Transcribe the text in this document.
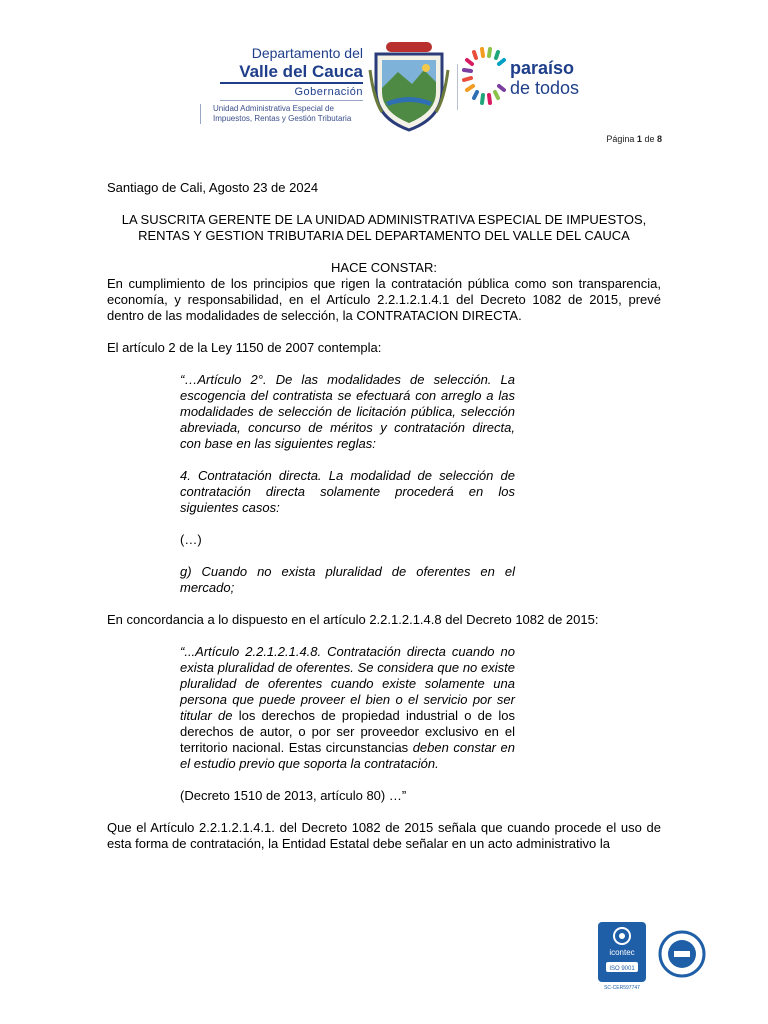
Departamento del
Valle del Cauca
Gobernación
Unidad Administrativa Especial de
Impuestos, Rentas y Gestión Tributaria
paraíso
de todos
Página 1 de 8

Santiago de Cali, Agosto 23 de 2024

LA SUSCRITA GERENTE DE LA UNIDAD ADMINISTRATIVA ESPECIAL DE IMPUESTOS, RENTAS Y GESTION TRIBUTARIA DEL DEPARTAMENTO DEL VALLE DEL CAUCA

HACE CONSTAR:

En cumplimiento de los principios que rigen la contratación pública como son transparencia, economía, y responsabilidad, en el Artículo 2.2.1.2.1.4.1 del Decreto 1082 de 2015, prevé dentro de las modalidades de selección, la CONTRATACION DIRECTA.

El artículo 2 de la Ley 1150 de 2007 contempla:

“…Artículo 2°. De las modalidades de selección. La escogencia del contratista se efectuará con arreglo a las modalidades de selección de licitación pública, selección abreviada, concurso de méritos y contratación directa, con base en las siguientes reglas:

4. Contratación directa. La modalidad de selección de contratación directa solamente procederá en los siguientes casos:

(…)

g) Cuando no exista pluralidad de oferentes en el mercado;

En concordancia a lo dispuesto en el artículo 2.2.1.2.1.4.8 del Decreto 1082 de 2015:

“...Artículo 2.2.1.2.1.4.8. Contratación directa cuando no exista pluralidad de oferentes. Se considera que no existe pluralidad de oferentes cuando existe solamente una persona que puede proveer el bien o el servicio por ser titular de los derechos de propiedad industrial o de los derechos de autor, o por ser proveedor exclusivo en el territorio nacional. Estas circunstancias deben constar en el estudio previo que soporta la contratación.

(Decreto 1510 de 2013, artículo 80) …”

Que el Artículo 2.2.1.2.1.4.1. del Decreto 1082 de 2015 señala que cuando procede el uso de esta forma de contratación, la Entidad Estatal debe señalar en un acto administrativo la

icontec
ISO 9001
SC-CER597747
